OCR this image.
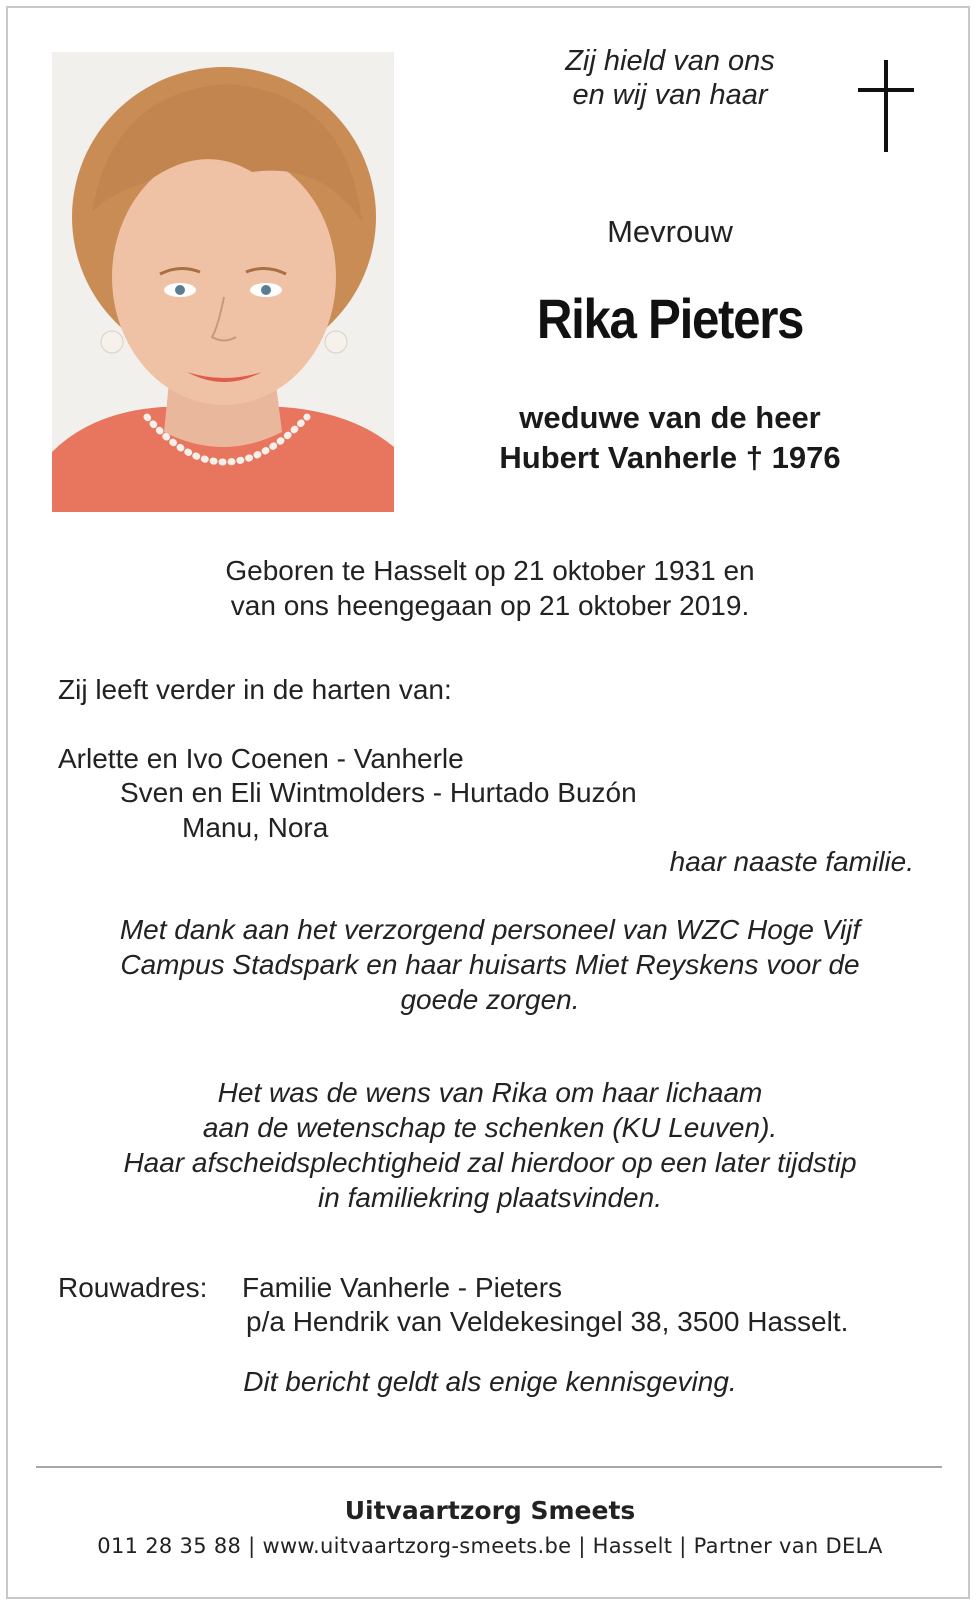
Zij hield van ons
en wij van haar
Mevrouw
Rika Pieters
weduwe van de heer
Hubert Vanherle † 1976
Geboren te Hasselt op 21 oktober 1931 en
van ons heengegaan op 21 oktober 2019.
Zij leeft verder in de harten van:
Arlette en Ivo Coenen - Vanherle
Sven en Eli Wintmolders - Hurtado Buzón
Manu, Nora
haar naaste familie.
Met dank aan het verzorgend personeel van WZC Hoge Vijf
Campus Stadspark en haar huisarts Miet Reyskens voor de
goede zorgen.
Het was de wens van Rika om haar lichaam
aan de wetenschap te schenken (KU Leuven).
Haar afscheidsplechtigheid zal hierdoor op een later tijdstip
in familiekring plaatsvinden.
Rouwadres: Familie Vanherle - Pieters
p/a Hendrik van Veldekesingel 38, 3500 Hasselt.
Dit bericht geldt als enige kennisgeving.
Uitvaartzorg Smeets
011 28 35 88 | www.uitvaartzorg-smeets.be | Hasselt | Partner van DELA
